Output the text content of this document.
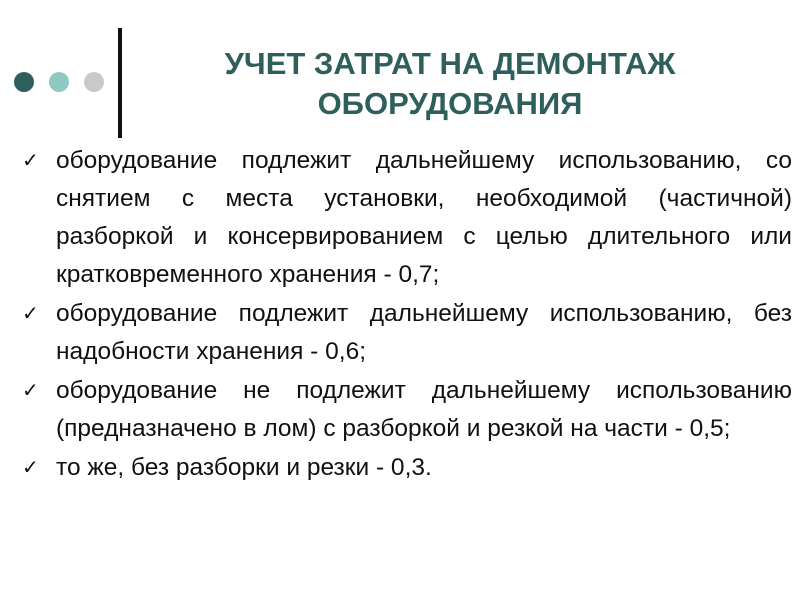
УЧЕТ ЗАТРАТ НА ДЕМОНТАЖ
ОБОРУДОВАНИЯ
✓ оборудование подлежит дальнейшему использованию, со снятием с места установки, необходимой (частичной) разборкой и консервированием с целью длительного или кратковременного хранения - 0,7;
✓ оборудование подлежит дальнейшему использованию, без надобности хранения - 0,6;
✓ оборудование не подлежит дальнейшему использованию (предназначено в лом) с разборкой и резкой на части - 0,5;
✓ то же, без разборки и резки - 0,3.
